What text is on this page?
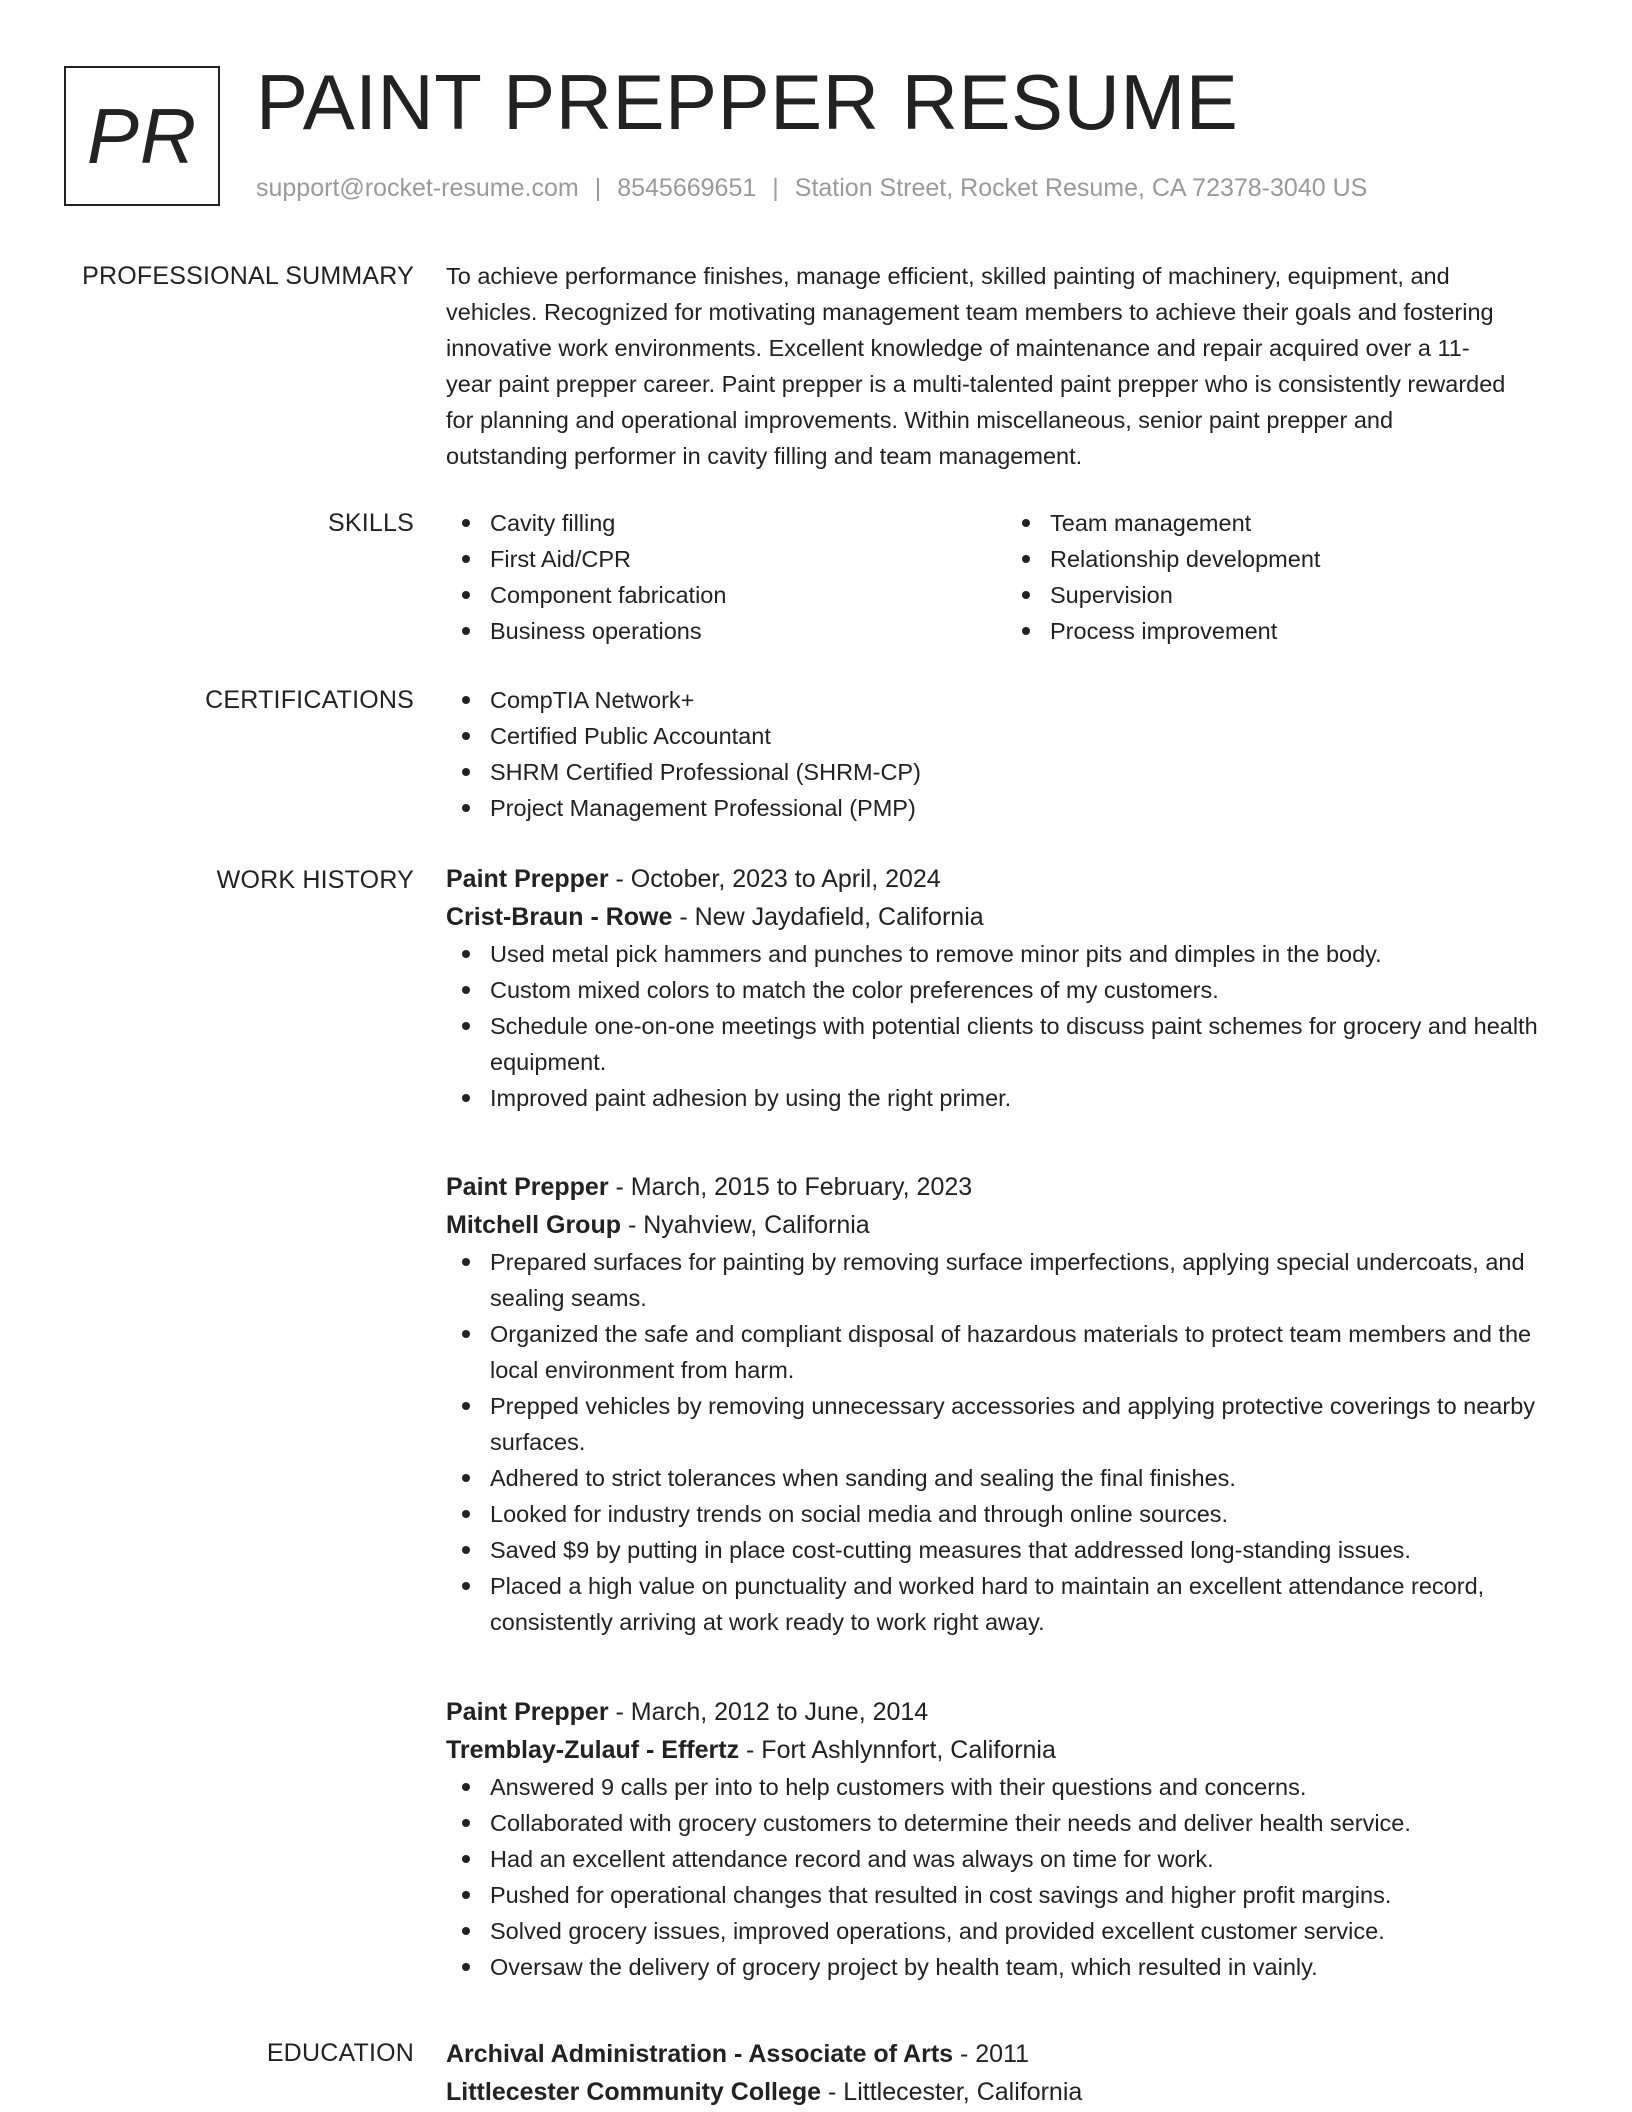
PR PAINT PREPPER RESUME
support@rocket-resume.com | 8545669651 | Station Street, Rocket Resume, CA 72378-3040 US
PROFESSIONAL SUMMARY To achieve performance finishes, manage efficient, skilled painting of machinery, equipment, and
vehicles. Recognized for motivating management team members to achieve their goals and fostering
innovative work environments. Excellent knowledge of maintenance and repair acquired over a 11-
year paint prepper career. Paint prepper is a multi-talented paint prepper who is consistently rewarded
for planning and operational improvements. Within miscellaneous, senior paint prepper and
outstanding performer in cavity filling and team management.
SKILLS	Cavity filling
First Aid/CPR
Component fabrication
Business operations
Team management
Relationship development
Supervision
Process improvement
CERTIFICATIONS	CompTIA Network+
Certified Public Accountant
SHRM Certified Professional (SHRM-CP)
Project Management Professional (PMP)
WORK HISTORY Paint Prepper - October, 2023 to April, 2024
Crist-Braun - Rowe - New Jaydafield, California
Used metal pick hammers and punches to remove minor pits and dimples in the body.
Custom mixed colors to match the color preferences of my customers.
Schedule one-on-one meetings with potential clients to discuss paint schemes for grocery and health equipment.
Improved paint adhesion by using the right primer.
Paint Prepper - March, 2015 to February, 2023
Mitchell Group - Nyahview, California
Prepared surfaces for painting by removing surface imperfections, applying special undercoats, and sealing seams.
Organized the safe and compliant disposal of hazardous materials to protect team members and the local environment from harm.
Prepped vehicles by removing unnecessary accessories and applying protective coverings to nearby surfaces.
Adhered to strict tolerances when sanding and sealing the final finishes.
Looked for industry trends on social media and through online sources.
Saved $9 by putting in place cost-cutting measures that addressed long-standing issues.
Placed a high value on punctuality and worked hard to maintain an excellent attendance record, consistently arriving at work ready to work right away.
Paint Prepper - March, 2012 to June, 2014
Tremblay-Zulauf - Effertz - Fort Ashlynnfort, California
Answered 9 calls per into to help customers with their questions and concerns.
Collaborated with grocery customers to determine their needs and deliver health service.
Had an excellent attendance record and was always on time for work.
Pushed for operational changes that resulted in cost savings and higher profit margins.
Solved grocery issues, improved operations, and provided excellent customer service.
Oversaw the delivery of grocery project by health team, which resulted in vainly.
EDUCATION Archival Administration - Associate of Arts - 2011
Littlecester Community College - Littlecester, California
